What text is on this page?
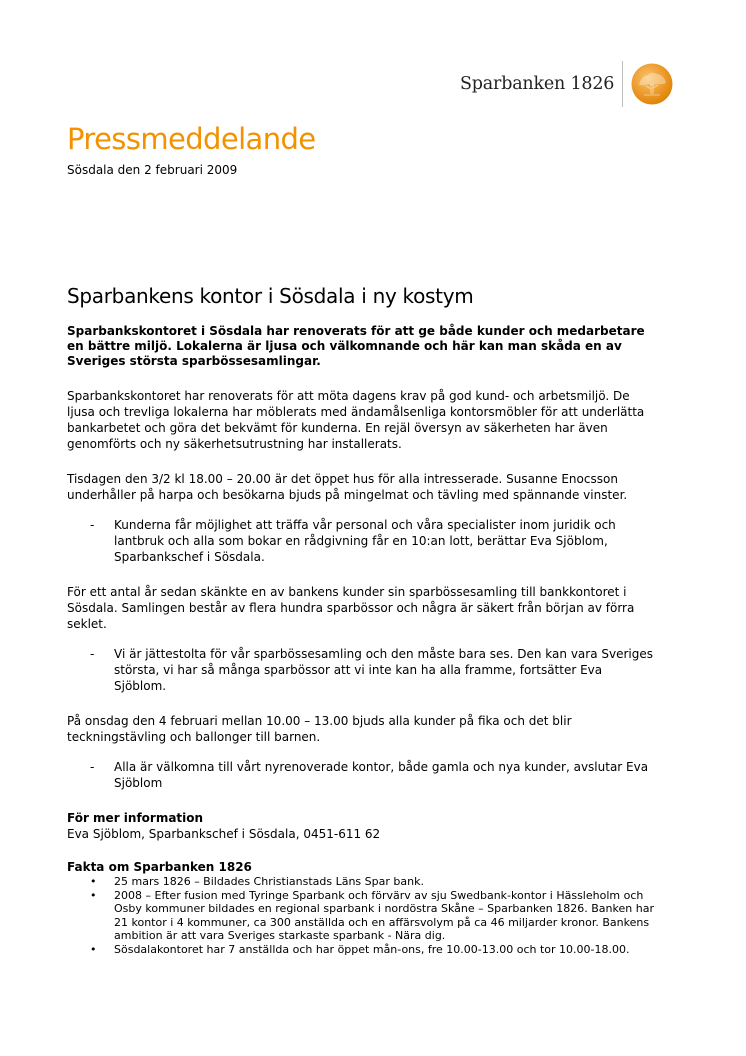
Sparbanken 1826
Pressmeddelande
Sösdala den 2 februari 2009
Sparbankens kontor i Sösdala i ny kostym

Sparbankskontoret i Sösdala har renoverats för att ge både kunder och medarbetare en bättre miljö. Lokalerna är ljusa och välkomnande och här kan man skåda en av Sveriges största sparbössesamlingar.

Sparbankskontoret har renoverats för att möta dagens krav på god kund- och arbetsmiljö. De ljusa och trevliga lokalerna har möblerats med ändamålsenliga kontorsmöbler för att underlätta bankarbetet och göra det bekvämt för kunderna. En rejäl översyn av säkerheten har även genomförts och ny säkerhetsutrustning har installerats.

Tisdagen den 3/2 kl 18.00 – 20.00 är det öppet hus för alla intresserade. Susanne Enocsson underhåller på harpa och besökarna bjuds på mingelmat och tävling med spännande vinster.

- Kunderna får möjlighet att träffa vår personal och våra specialister inom juridik och lantbruk och alla som bokar en rådgivning får en 10:an lott, berättar Eva Sjöblom, Sparbankschef i Sösdala.

För ett antal år sedan skänkte en av bankens kunder sin sparbössesamling till bankkontoret i Sösdala. Samlingen består av flera hundra sparbössor och några är säkert från början av förra seklet.

- Vi är jättestolta för vår sparbössesamling och den måste bara ses. Den kan vara Sveriges största, vi har så många sparbössor att vi inte kan ha alla framme, fortsätter Eva Sjöblom.

På onsdag den 4 februari mellan 10.00 – 13.00 bjuds alla kunder på fika och det blir teckningstävling och ballonger till barnen.

- Alla är välkomna till vårt nyrenoverade kontor, både gamla och nya kunder, avslutar Eva Sjöblom

För mer information

Eva Sjöblom, Sparbankschef i Sösdala, 0451-611 62

Fakta om Sparbanken 1826

• 25 mars 1826 – Bildades Christianstads Läns Spar bank.
• 2008 – Efter fusion med Tyringe Sparbank och förvärv av sju Swedbank-kontor i Hässleholm och Osby kommuner bildades en regional sparbank i nordöstra Skåne – Sparbanken 1826. Banken har 21 kontor i 4 kommuner, ca 300 anställda och en affärsvolym på ca 46 miljarder kronor. Bankens ambition är att vara Sveriges starkaste sparbank - Nära dig.
• Sösdalakontoret har 7 anställda och har öppet mån-ons, fre 10.00-13.00 och tor 10.00-18.00.
